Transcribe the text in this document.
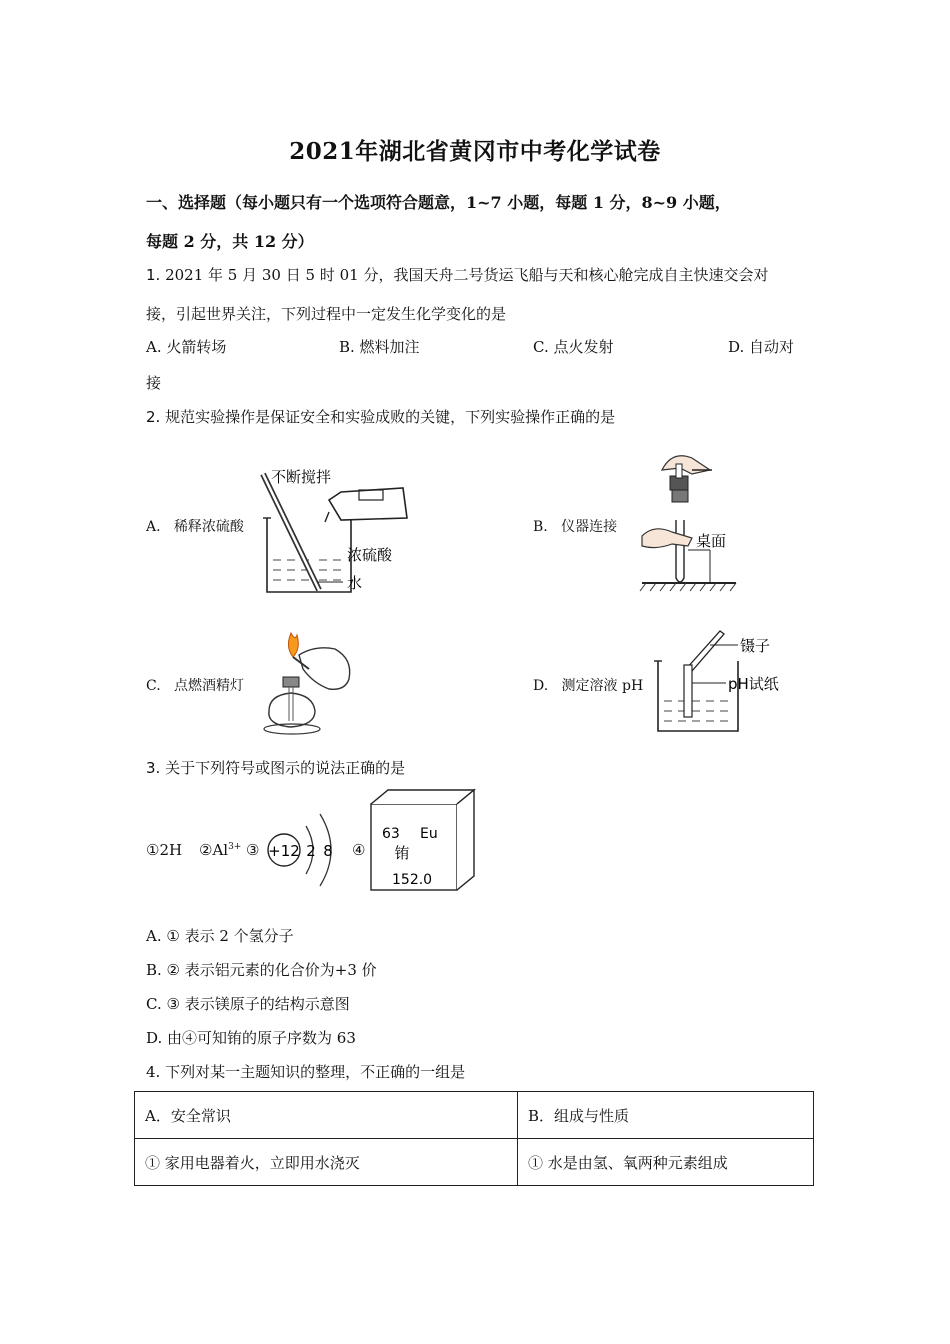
2021年湖北省黄冈市中考化学试卷
一、选择题（每小题只有一个选项符合题意，1~7 小题，每题 1 分，8~9 小题，
每题 2 分，共 12 分）
1. 2021 年 5 月 30 日 5 时 01 分，我国天舟二号货运飞船与天和核心舱完成自主快速交会对
接，引起世界关注，下列过程中一定发生化学变化的是
A. 火箭转场	B. 燃料加注	C. 点火发射	D. 自动对
接
2. 规范实验操作是保证安全和实验成败的关键，下列实验操作正确的是
A. 稀释浓硫酸	B. 仪器连接
C. 点燃酒精灯	D. 测定溶液 pH
不断搅拌
浓硫酸
水
桌面
镊子
pH试纸
3. 关于下列符号或图示的说法正确的是
①2H $②Al^{3+}$ ③ +12 2 8 ④
63 Eu
铕
152.0
A. ① 表示 2 个氢分子
B. ② 表示铝元素的化合价为+3 价
C. ③ 表示镁原子的结构示意图
D. 由④可知铕的原子序数为 63
4. 下列对某一主题知识的整理，不正确的一组是
A．安全常识	B．组成与性质
① 家用电器着火，立即用水浇灭	① 水是由氢、氧两种元素组成
